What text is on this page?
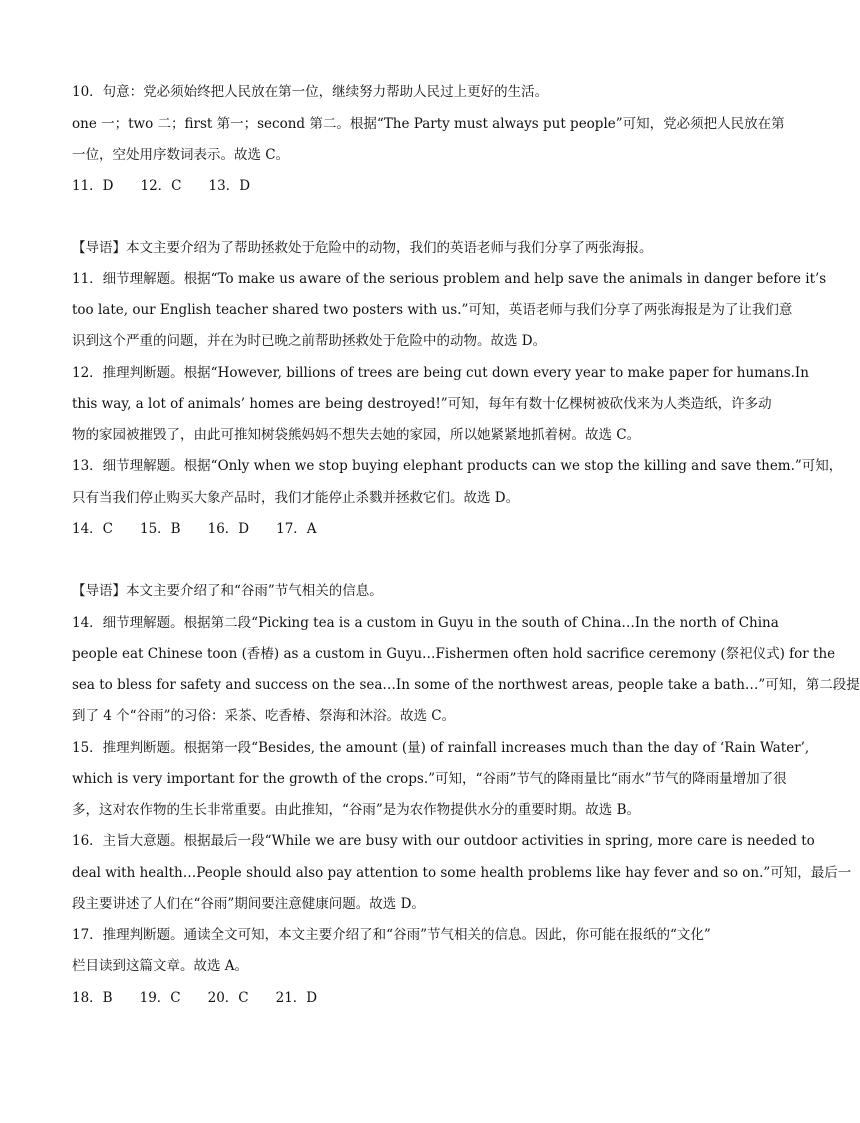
10．句意：党必须始终把人民放在第一位，继续努力帮助人民过上更好的生活。
one 一；two 二；first 第一；second 第二。根据“The Party must always put people”可知，党必须把人民放在第
一位，空处用序数词表示。故选 C。
11．D　　12．C　　13．D
【导语】本文主要介绍为了帮助拯救处于危险中的动物，我们的英语老师与我们分享了两张海报。
11．细节理解题。根据“To make us aware of the serious problem and help save the animals in danger before it’s
too late, our English teacher shared two posters with us.”可知，英语老师与我们分享了两张海报是为了让我们意
识到这个严重的问题，并在为时已晚之前帮助拯救处于危险中的动物。故选 D。
12．推理判断题。根据“However, billions of trees are being cut down every year to make paper for humans.In
this way, a lot of animals’ homes are being destroyed!”可知，每年有数十亿棵树被砍伐来为人类造纸，许多动
物的家园被摧毁了，由此可推知树袋熊妈妈不想失去她的家园，所以她紧紧地抓着树。故选 C。
13．细节理解题。根据“Only when we stop buying elephant products can we stop the killing and save them.”可知，
只有当我们停止购买大象产品时，我们才能停止杀戮并拯救它们。故选 D。
14．C　　15．B　　16．D　　17．A
【导语】本文主要介绍了和“谷雨”节气相关的信息。
14．细节理解题。根据第二段“Picking tea is a custom in Guyu in the south of China…In the north of China
people eat Chinese toon (香椿) as a custom in Guyu…Fishermen often hold sacrifice ceremony (祭祀仪式) for the
sea to bless for safety and success on the sea…In some of the northwest areas, people take a bath…”可知，第二段提
到了 4 个“谷雨”的习俗：采茶、吃香椿、祭海和沐浴。故选 C。
15．推理判断题。根据第一段“Besides, the amount (量) of rainfall increases much than the day of ‘Rain Water’,
which is very important for the growth of the crops.”可知，“谷雨”节气的降雨量比“雨水”节气的降雨量增加了很
多，这对农作物的生长非常重要。由此推知，“谷雨”是为农作物提供水分的重要时期。故选 B。
16．主旨大意题。根据最后一段“While we are busy with our outdoor activities in spring, more care is needed to
deal with health…People should also pay attention to some health problems like hay fever and so on.”可知，最后一
段主要讲述了人们在“谷雨”期间要注意健康问题。故选 D。
17．推理判断题。通读全文可知，本文主要介绍了和“谷雨”节气相关的信息。因此，你可能在报纸的“文化”
栏目读到这篇文章。故选 A。
18．B　　19．C　　20．C　　21．D
